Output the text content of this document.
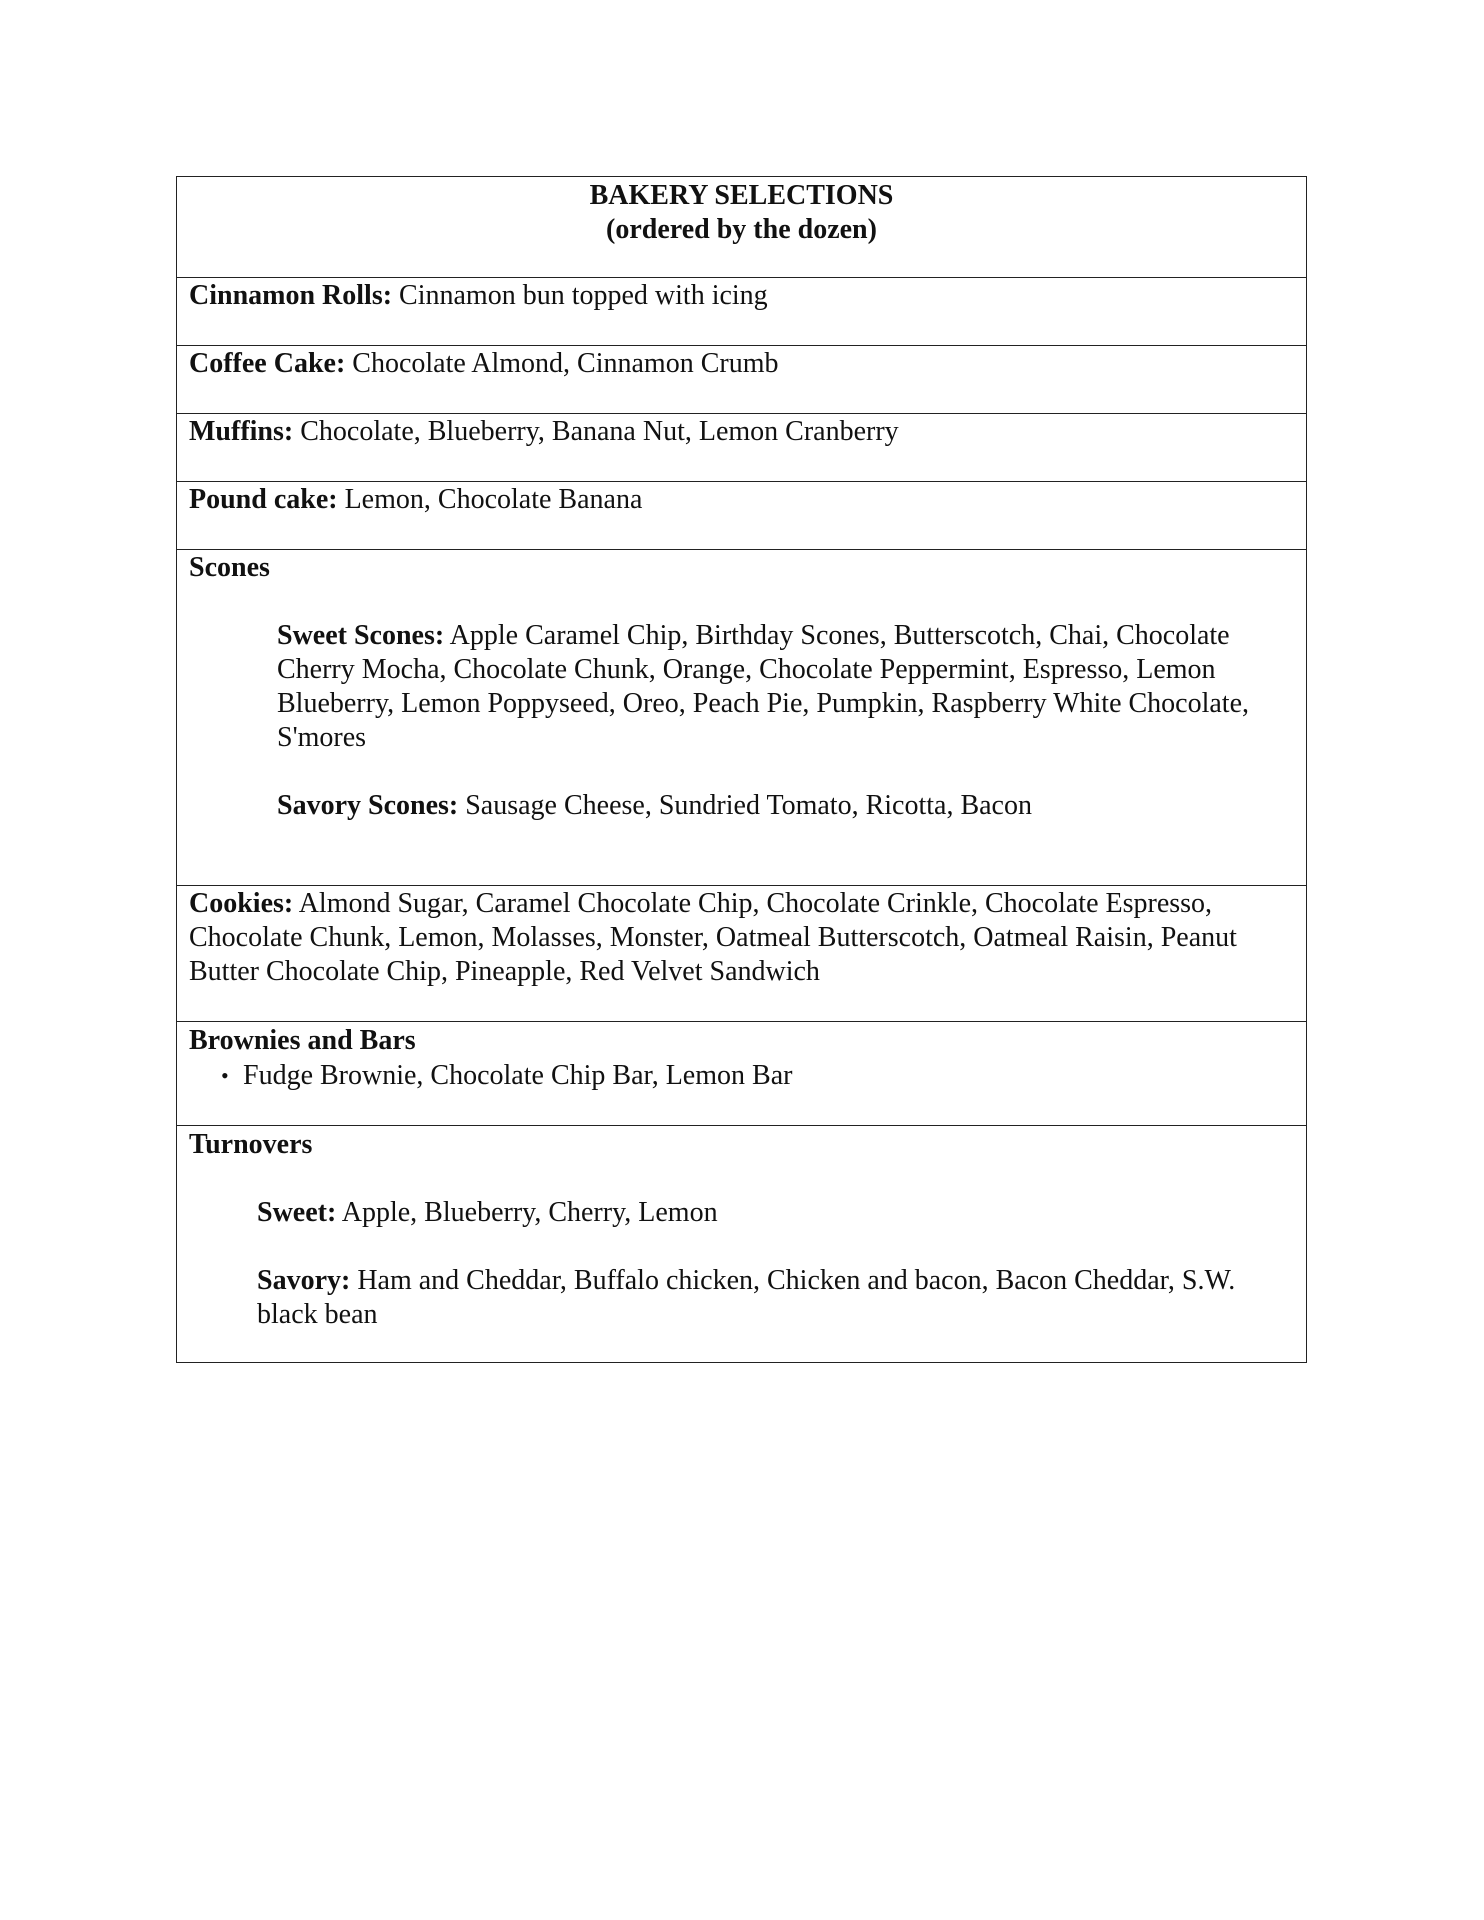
BAKERY SELECTIONS
(ordered by the dozen)
Cinnamon Rolls: Cinnamon bun topped with icing
Coffee Cake: Chocolate Almond, Cinnamon Crumb
Muffins: Chocolate, Blueberry, Banana Nut, Lemon Cranberry
Pound cake: Lemon, Chocolate Banana
Scones
Sweet Scones: Apple Caramel Chip, Birthday Scones, Butterscotch, Chai, Chocolate Cherry Mocha, Chocolate Chunk, Orange, Chocolate Peppermint, Espresso, Lemon Blueberry, Lemon Poppyseed, Oreo, Peach Pie, Pumpkin, Raspberry White Chocolate, S'mores
Savory Scones: Sausage Cheese, Sundried Tomato, Ricotta, Bacon
Cookies: Almond Sugar, Caramel Chocolate Chip, Chocolate Crinkle, Chocolate Espresso, Chocolate Chunk, Lemon, Molasses, Monster, Oatmeal Butterscotch, Oatmeal Raisin, Peanut Butter Chocolate Chip, Pineapple, Red Velvet Sandwich
Brownies and Bars
• Fudge Brownie, Chocolate Chip Bar, Lemon Bar
Turnovers
Sweet: Apple, Blueberry, Cherry, Lemon
Savory: Ham and Cheddar, Buffalo chicken, Chicken and bacon, Bacon Cheddar, S.W. black bean
